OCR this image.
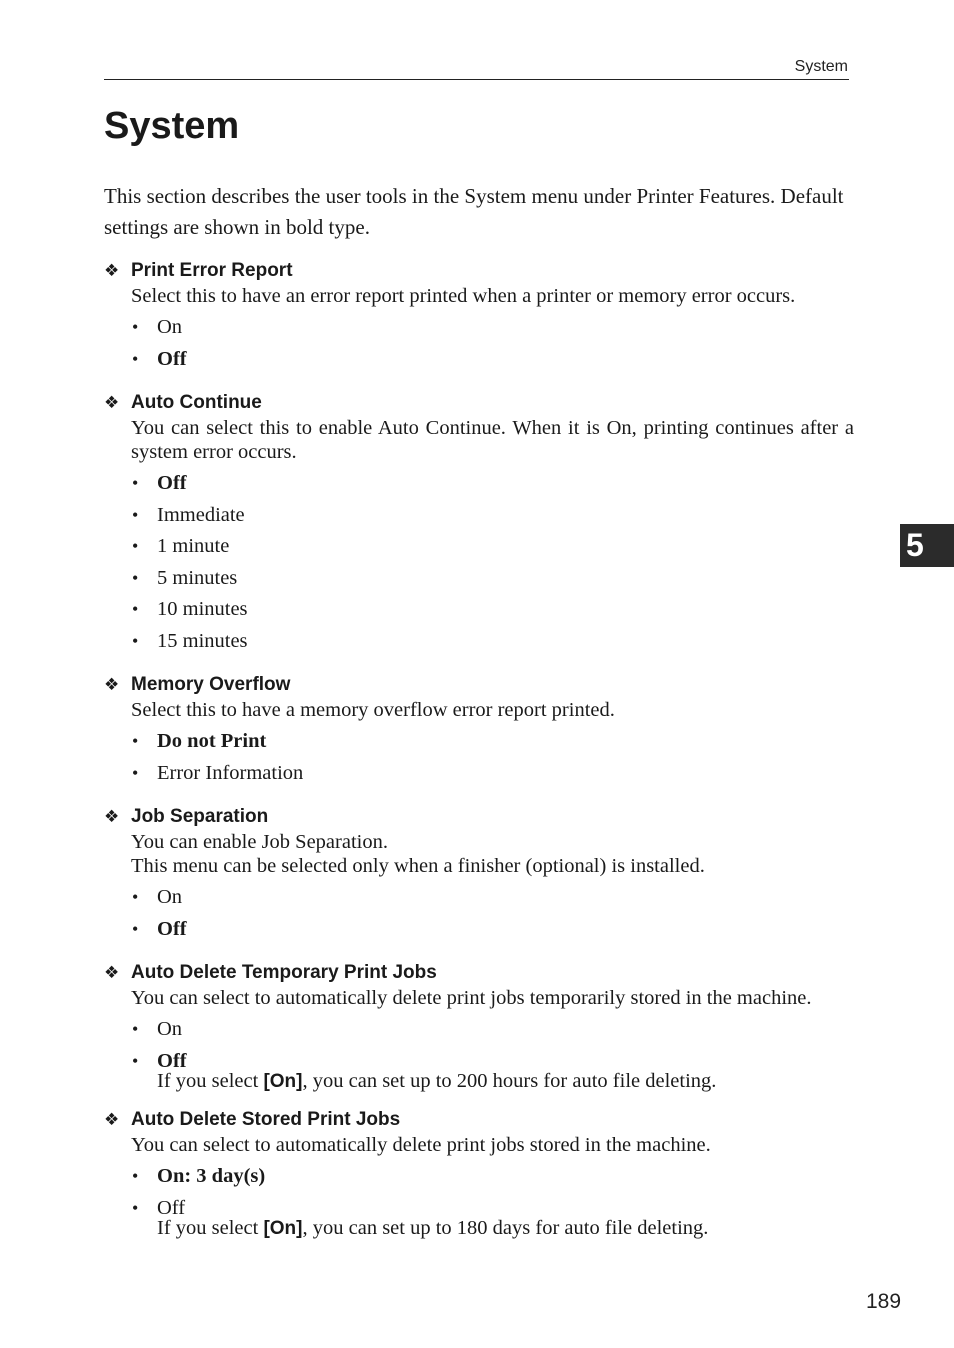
System
System

This section describes the user tools in the System menu under Printer Features. Default settings are shown in bold type.

❖ Print Error Report

Select this to have an error report printed when a printer or memory error occurs.

• On
• Off
❖ Auto Continue

You can select this to enable Auto Continue. When it is On, printing continues after a system error occurs.

• Off
• Immediate
• 1 minute
• 5 minutes
• 10 minutes
• 15 minutes
❖ Memory Overflow

Select this to have a memory overflow error report printed.

• Do not Print
• Error Information
❖ Job Separation

You can enable Job Separation.
This menu can be selected only when a finisher (optional) is installed.

• On
• Off
❖ Auto Delete Temporary Print Jobs

You can select to automatically delete print jobs temporarily stored in the machine.

• On
• Off
If you select [On], you can set up to 200 hours for auto file deleting.
❖ Auto Delete Stored Print Jobs

You can select to automatically delete print jobs stored in the machine.

• On: 3 day(s)
• Off
If you select [On], you can set up to 180 days for auto file deleting.
5
189
